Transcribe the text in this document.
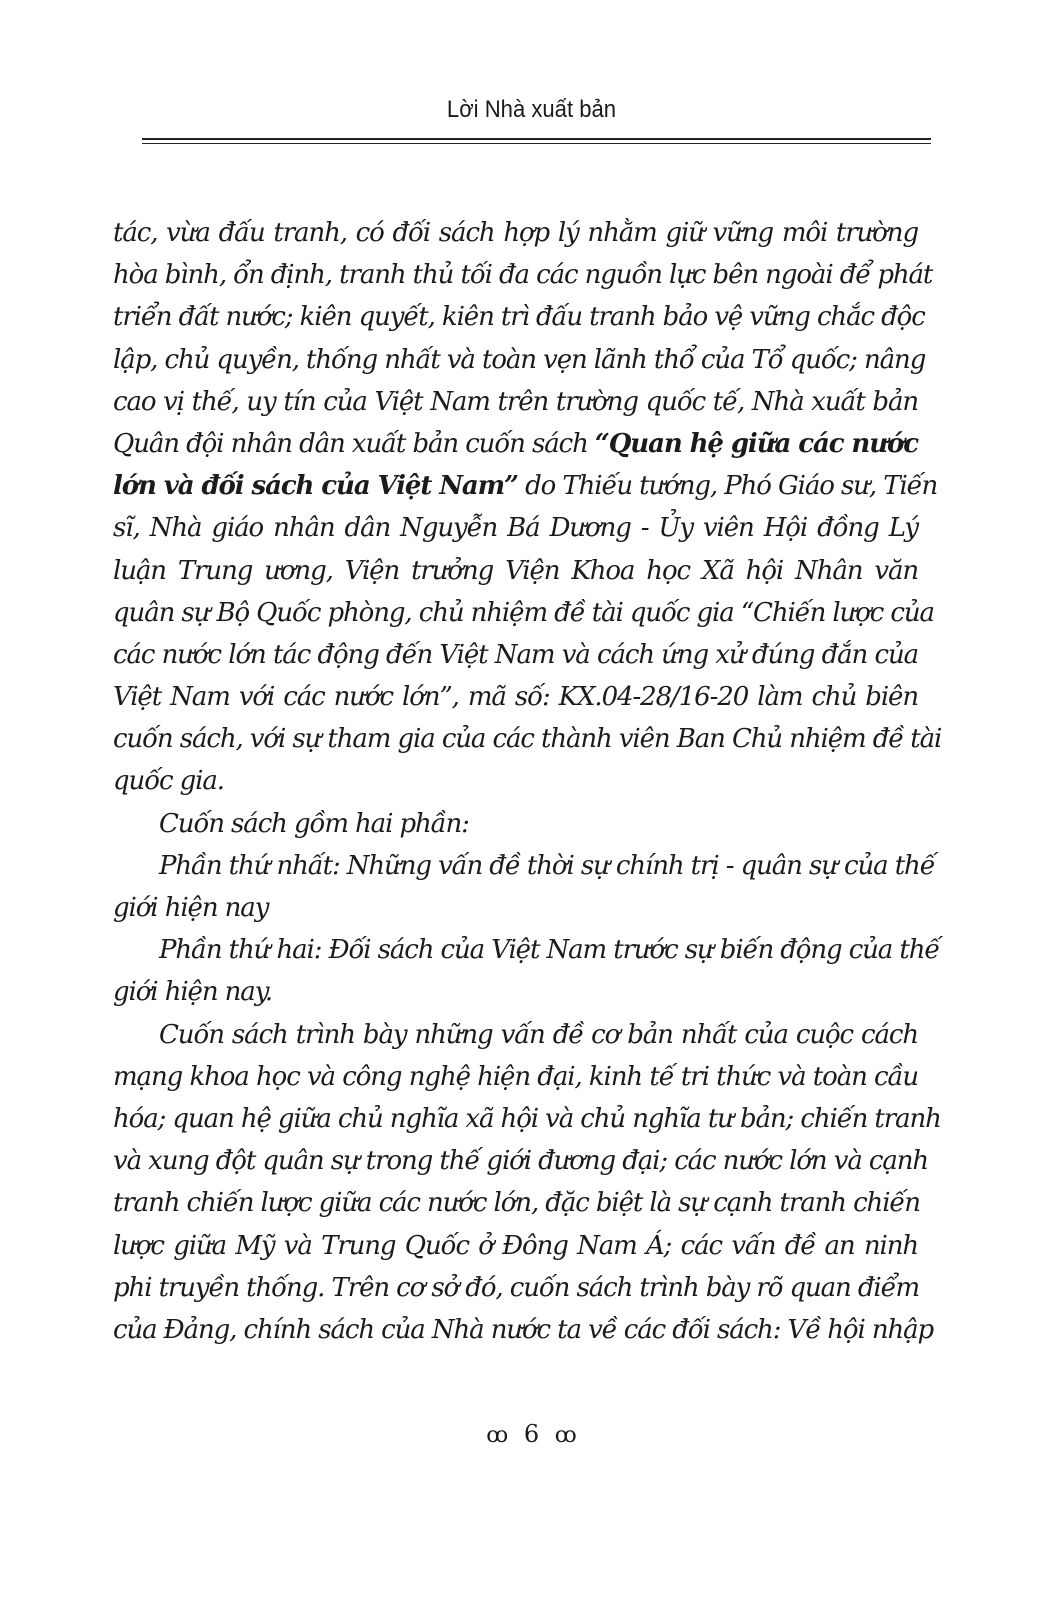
Lời Nhà xuất bản
tác, vừa đấu tranh, có đối sách hợp lý nhằm giữ vững môi trường
hòa bình, ổn định, tranh thủ tối đa các nguồn lực bên ngoài để phát
triển đất nước; kiên quyết, kiên trì đấu tranh bảo vệ vững chắc độc
lập, chủ quyền, thống nhất và toàn vẹn lãnh thổ của Tổ quốc; nâng
cao vị thế, uy tín của Việt Nam trên trường quốc tế, Nhà xuất bản
Quân đội nhân dân xuất bản cuốn sách “Quan hệ giữa các nước
lớn và đối sách của Việt Nam” do Thiếu tướng, Phó Giáo sư, Tiến
sĩ, Nhà giáo nhân dân Nguyễn Bá Dương - Ủy viên Hội đồng Lý
luận Trung ương, Viện trưởng Viện Khoa học Xã hội Nhân văn
quân sự Bộ Quốc phòng, chủ nhiệm đề tài quốc gia “Chiến lược của
các nước lớn tác động đến Việt Nam và cách ứng xử đúng đắn của
Việt Nam với các nước lớn”, mã số: KX.04-28/16-20 làm chủ biên
cuốn sách, với sự tham gia của các thành viên Ban Chủ nhiệm đề tài
quốc gia.
Cuốn sách gồm hai phần:
Phần thứ nhất: Những vấn đề thời sự chính trị - quân sự của thế
giới hiện nay
Phần thứ hai: Đối sách của Việt Nam trước sự biến động của thế
giới hiện nay.
Cuốn sách trình bày những vấn đề cơ bản nhất của cuộc cách
mạng khoa học và công nghệ hiện đại, kinh tế tri thức và toàn cầu
hóa; quan hệ giữa chủ nghĩa xã hội và chủ nghĩa tư bản; chiến tranh
và xung đột quân sự trong thế giới đương đại; các nước lớn và cạnh
tranh chiến lược giữa các nước lớn, đặc biệt là sự cạnh tranh chiến
lược giữa Mỹ và Trung Quốc ở Đông Nam Á; các vấn đề an ninh
phi truyền thống. Trên cơ sở đó, cuốn sách trình bày rõ quan điểm
của Đảng, chính sách của Nhà nước ta về các đối sách: Về hội nhập
ꝏ 6 ꝏ
